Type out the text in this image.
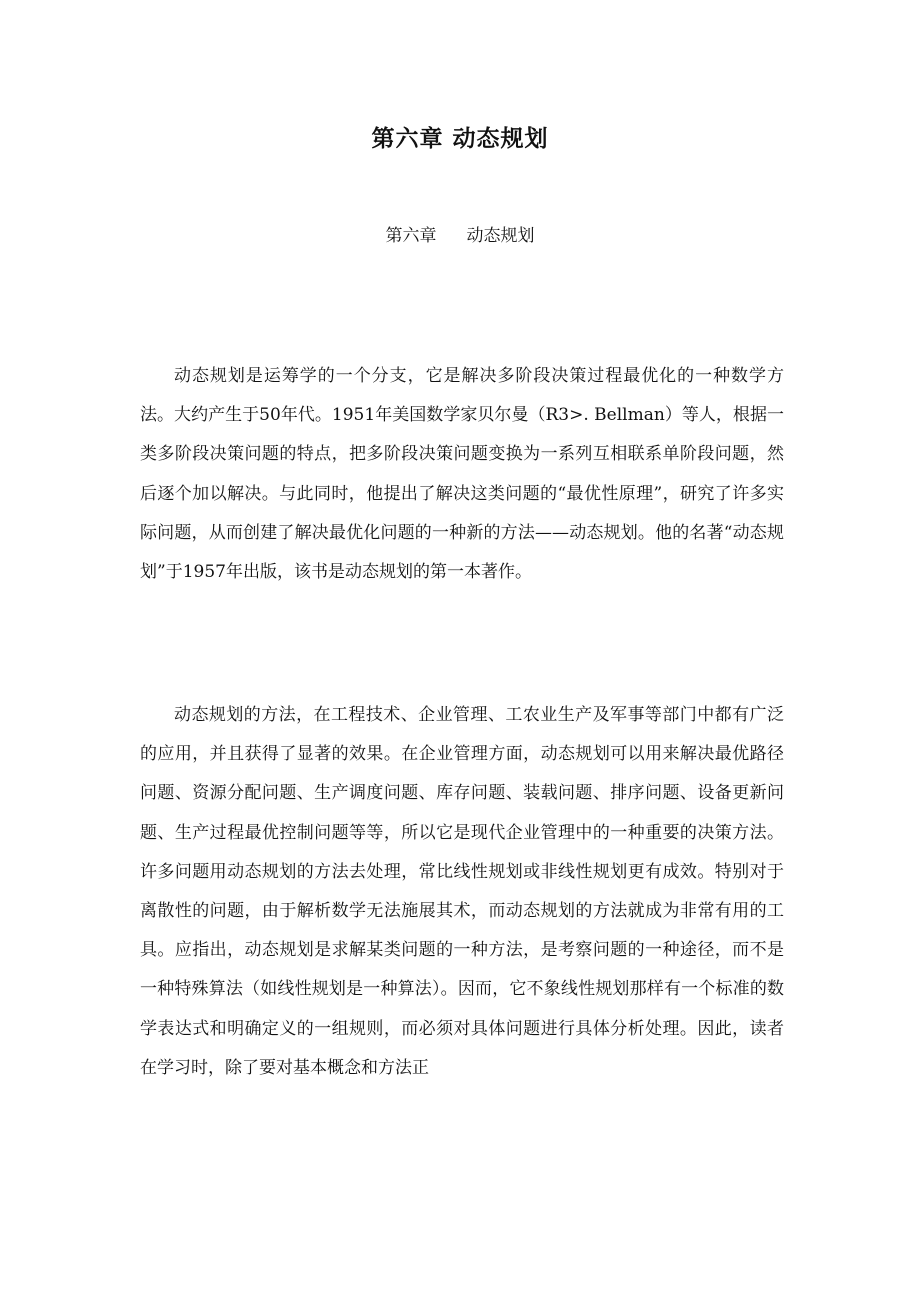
第六章 动态规划
第六章 动态规划

动态规划是运筹学的一个分支，它是解决多阶段决策过程最优化的一种数学方法。大约产生于50年代。1951年美国数学家贝尔曼（R3>. Bellman）等人，根据一类多阶段决策问题的特点，把多阶段决策问题变换为一系列互相联系单阶段问题，然后逐个加以解决。与此同时，他提出了解决这类问题的“最优性原理”，研究了许多实际问题，从而创建了解决最优化问题的一种新的方法——动态规划。他的名著“动态规划”于1957年出版，该书是动态规划的第一本著作。

动态规划的方法，在工程技术、企业管理、工农业生产及军事等部门中都有广泛的应用，并且获得了显著的效果。在企业管理方面，动态规划可以用来解决最优路径问题、资源分配问题、生产调度问题、库存问题、装载问题、排序问题、设备更新问题、生产过程最优控制问题等等，所以它是现代企业管理中的一种重要的决策方法。许多问题用动态规划的方法去处理，常比线性规划或非线性规划更有成效。特别对于离散性的问题，由于解析数学无法施展其术，而动态规划的方法就成为非常有用的工具。应指出，动态规划是求解某类问题的一种方法，是考察问题的一种途径，而不是一种特殊算法（如线性规划是一种算法）。因而，它不象线性规划那样有一个标准的数学表达式和明确定义的一组规则，而必须对具体问题进行具体分析处理。因此，读者在学习时，除了要对基本概念和方法正
